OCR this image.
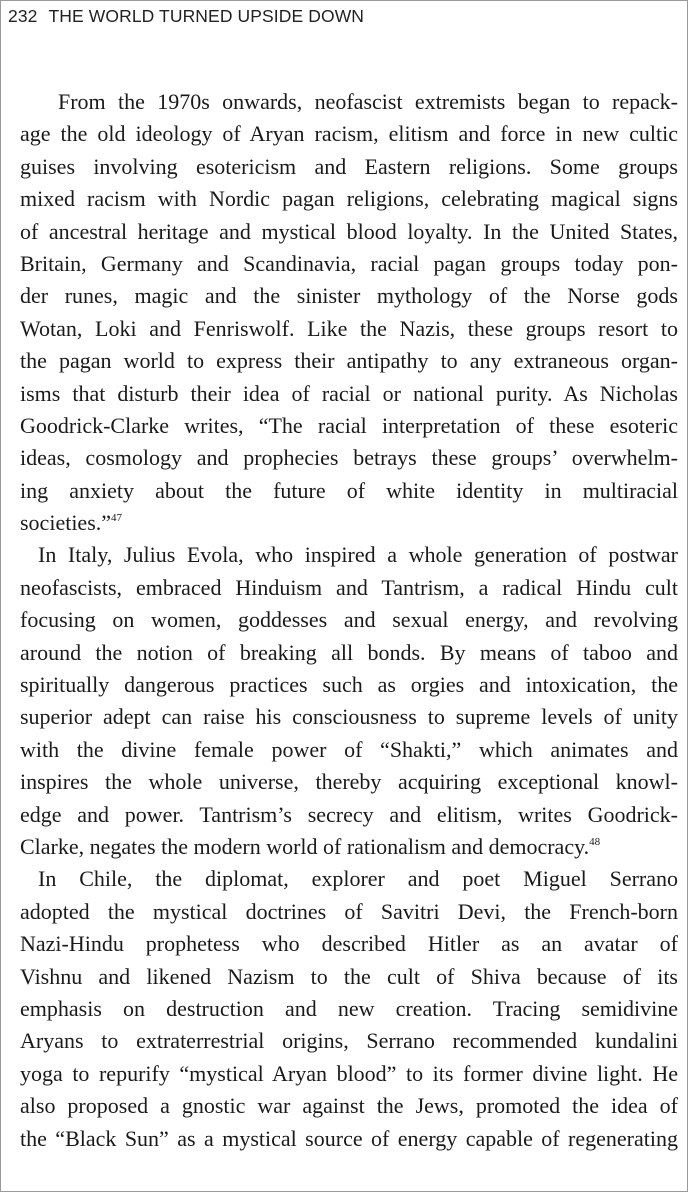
232 THE WORLD TURNED UPSIDE DOWN
From the 1970s onwards, neofascist extremists began to repack-
age the old ideology of Aryan racism, elitism and force in new cultic
guises involving esotericism and Eastern religions. Some groups
mixed racism with Nordic pagan religions, celebrating magical signs
of ancestral heritage and mystical blood loyalty. In the United States,
Britain, Germany and Scandinavia, racial pagan groups today pon-
der runes, magic and the sinister mythology of the Norse gods
Wotan, Loki and Fenriswolf. Like the Nazis, these groups resort to
the pagan world to express their antipathy to any extraneous organ-
isms that disturb their idea of racial or national purity. As Nicholas
Goodrick-Clarke writes, “The racial interpretation of these esoteric
ideas, cosmology and prophecies betrays these groups’ overwhelm-
ing anxiety about the future of white identity in multiracial
societies.”$^{47}$
In Italy, Julius Evola, who inspired a whole generation of postwar
neofascists, embraced Hinduism and Tantrism, a radical Hindu cult
focusing on women, goddesses and sexual energy, and revolving
around the notion of breaking all bonds. By means of taboo and
spiritually dangerous practices such as orgies and intoxication, the
superior adept can raise his consciousness to supreme levels of unity
with the divine female power of “Shakti,” which animates and
inspires the whole universe, thereby acquiring exceptional knowl-
edge and power. Tantrism’s secrecy and elitism, writes Goodrick-
Clarke, negates the modern world of rationalism and democracy.$^{48}$
In Chile, the diplomat, explorer and poet Miguel Serrano
adopted the mystical doctrines of Savitri Devi, the French-born
Nazi-Hindu prophetess who described Hitler as an avatar of
Vishnu and likened Nazism to the cult of Shiva because of its
emphasis on destruction and new creation. Tracing semidivine
Aryans to extraterrestrial origins, Serrano recommended kundalini
yoga to repurify “mystical Aryan blood” to its former divine light. He
also proposed a gnostic war against the Jews, promoted the idea of
the “Black Sun” as a mystical source of energy capable of regenerating
